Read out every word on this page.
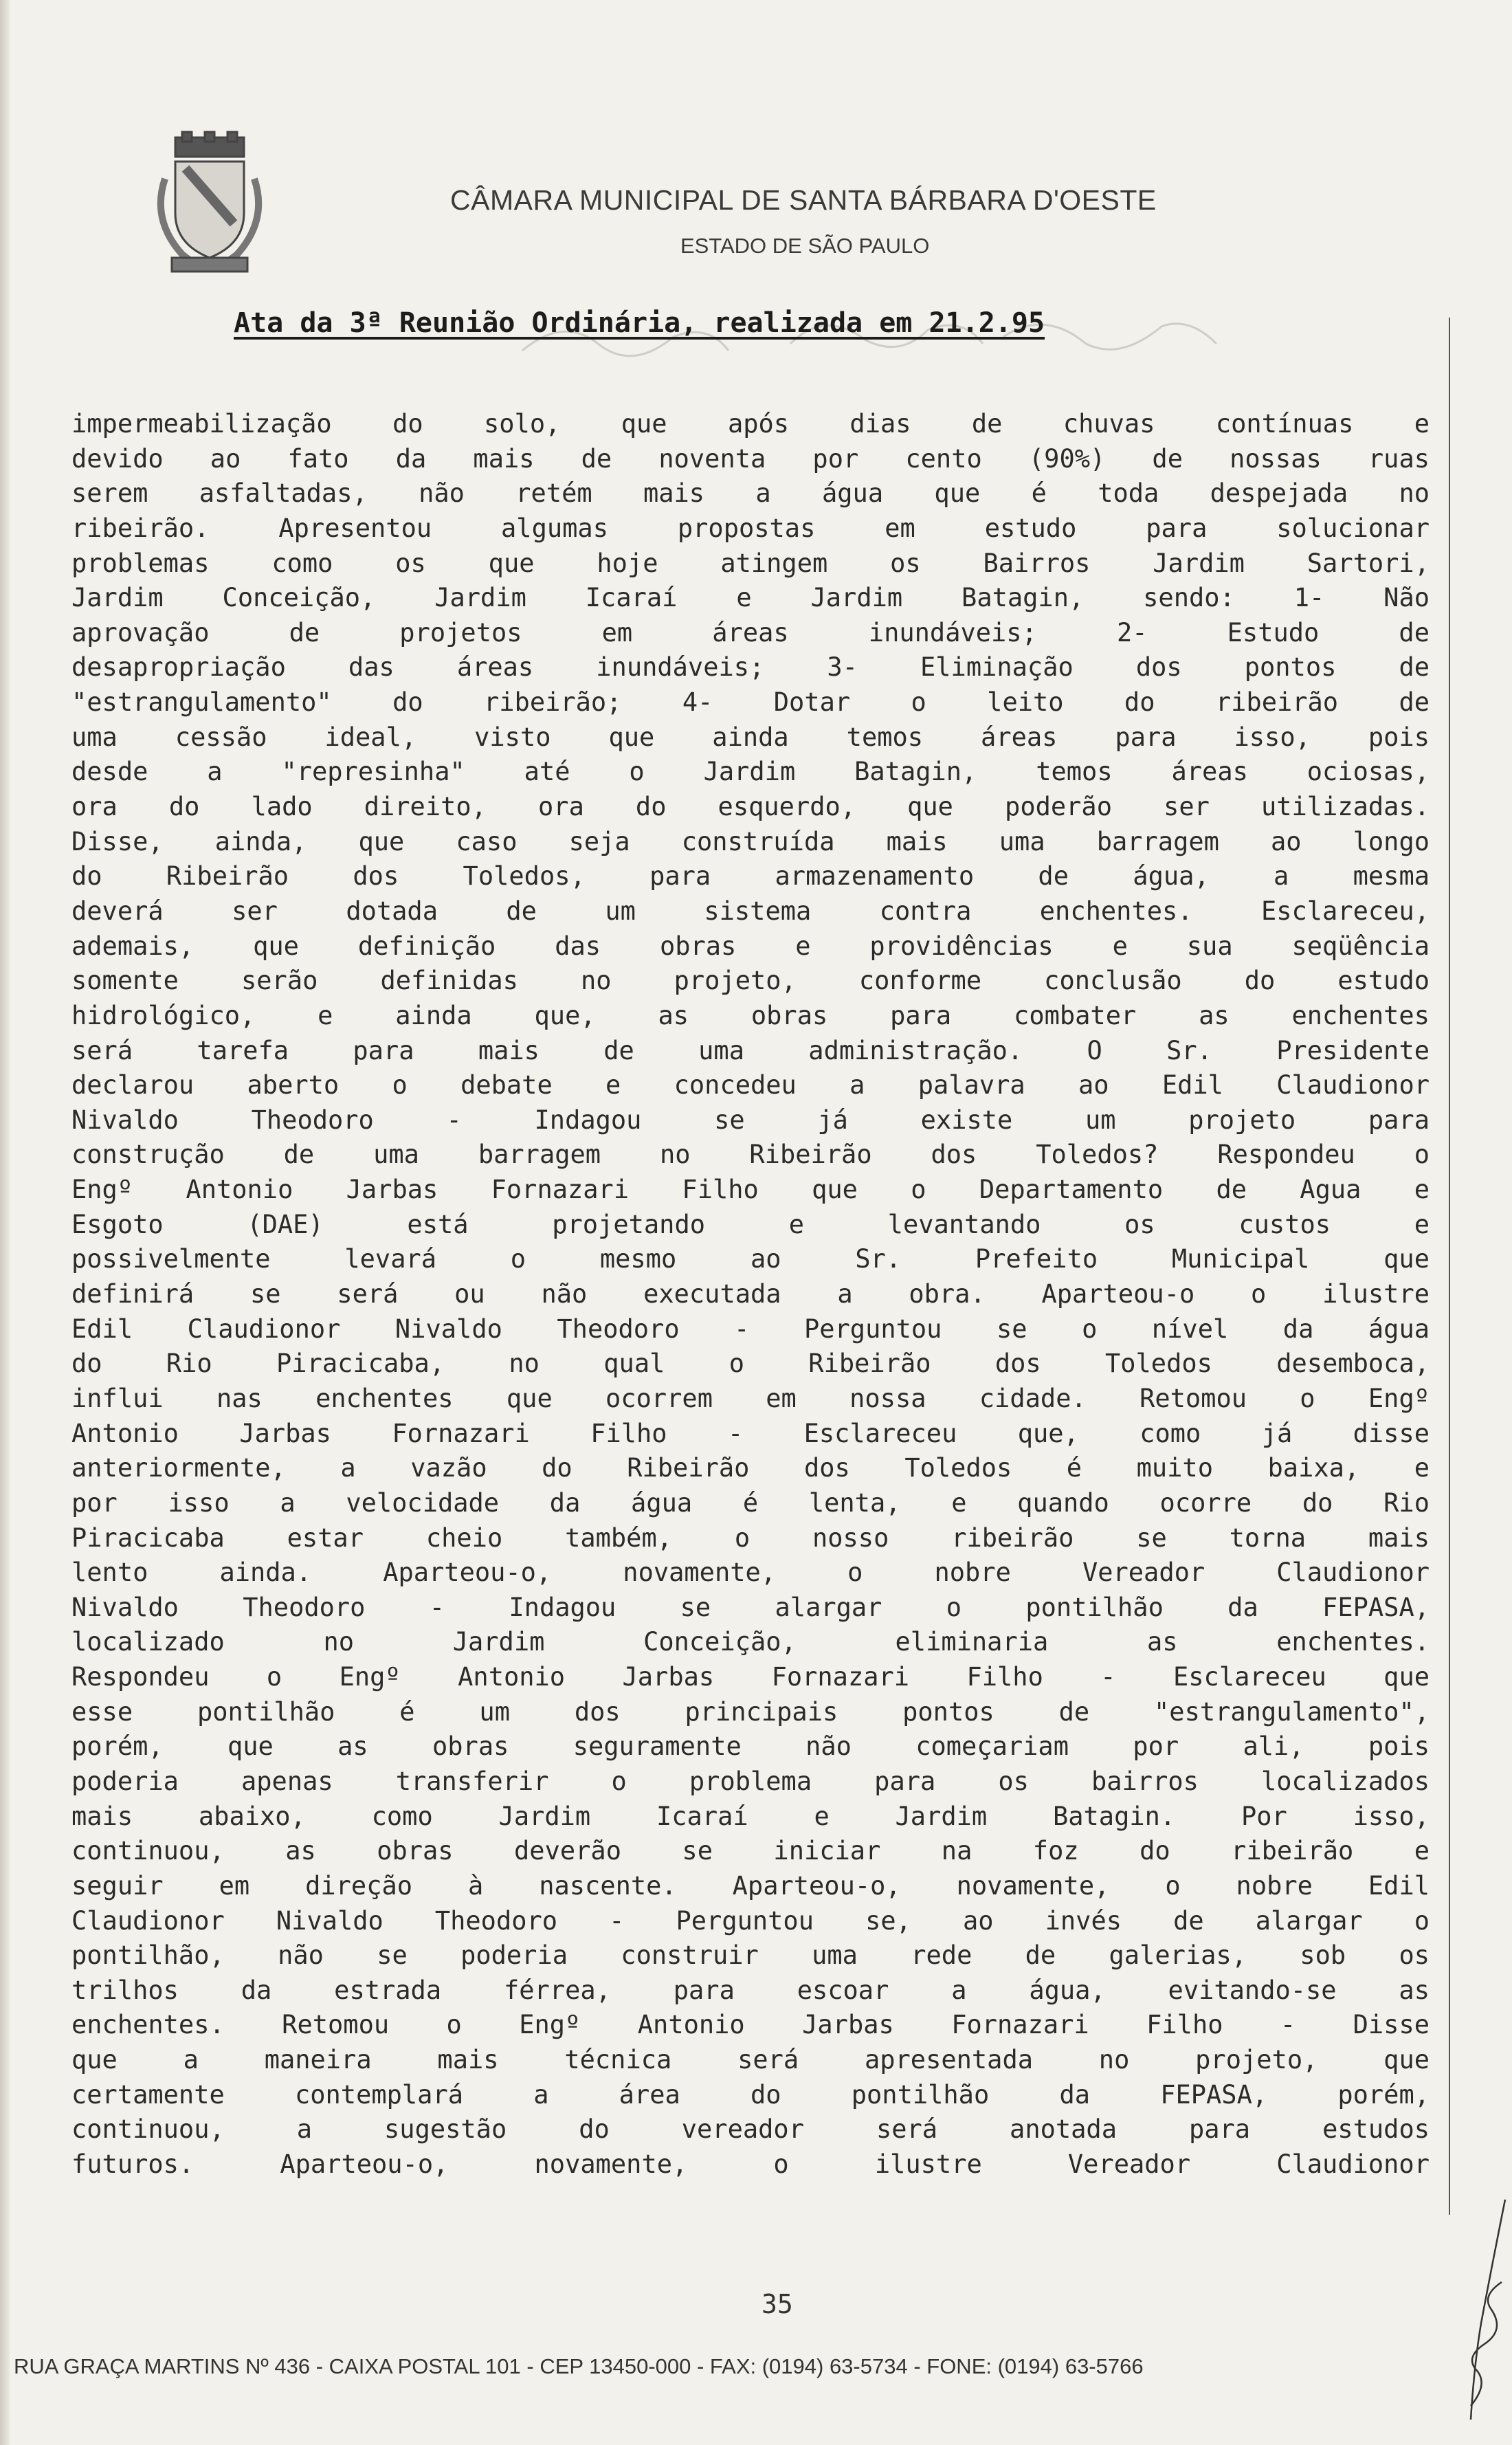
CÂMARA MUNICIPAL DE SANTA BÁRBARA D'OESTE
ESTADO DE SÃO PAULO
Ata da 3ª Reunião Ordinária, realizada em 21.2.95
impermeabilização do solo, que após dias de chuvas contínuas e
devido ao fato da mais de noventa por cento (90%) de nossas ruas
serem asfaltadas, não retém mais a água que é toda despejada no
ribeirão. Apresentou algumas propostas em estudo para solucionar
problemas como os que hoje atingem os Bairros Jardim Sartori,
Jardim Conceição, Jardim Icaraí e Jardim Batagin, sendo: 1- Não
aprovação de projetos em áreas inundáveis; 2- Estudo de
desapropriação das áreas inundáveis; 3- Eliminação dos pontos de
"estrangulamento" do ribeirão; 4- Dotar o leito do ribeirão de
uma cessão ideal, visto que ainda temos áreas para isso, pois
desde a "represinha" até o Jardim Batagin, temos áreas ociosas,
ora do lado direito, ora do esquerdo, que poderão ser utilizadas.
Disse, ainda, que caso seja construída mais uma barragem ao longo
do Ribeirão dos Toledos, para armazenamento de água, a mesma
deverá ser dotada de um sistema contra enchentes. Esclareceu,
ademais, que definição das obras e providências e sua seqüência
somente serão definidas no projeto, conforme conclusão do estudo
hidrológico, e ainda que, as obras para combater as enchentes
será tarefa para mais de uma administração. O Sr. Presidente
declarou aberto o debate e concedeu a palavra ao Edil Claudionor
Nivaldo Theodoro - Indagou se já existe um projeto para
construção de uma barragem no Ribeirão dos Toledos? Respondeu o
Engº Antonio Jarbas Fornazari Filho que o Departamento de Agua e
Esgoto (DAE) está projetando e levantando os custos e
possivelmente levará o mesmo ao Sr. Prefeito Municipal que
definirá se será ou não executada a obra. Aparteou-o o ilustre
Edil Claudionor Nivaldo Theodoro - Perguntou se o nível da água
do Rio Piracicaba, no qual o Ribeirão dos Toledos desemboca,
influi nas enchentes que ocorrem em nossa cidade. Retomou o Engº
Antonio Jarbas Fornazari Filho - Esclareceu que, como já disse
anteriormente, a vazão do Ribeirão dos Toledos é muito baixa, e
por isso a velocidade da água é lenta, e quando ocorre do Rio
Piracicaba estar cheio também, o nosso ribeirão se torna mais
lento ainda. Aparteou-o, novamente, o nobre Vereador Claudionor
Nivaldo Theodoro - Indagou se alargar o pontilhão da FEPASA,
localizado no Jardim Conceição, eliminaria as enchentes.
Respondeu o Engº Antonio Jarbas Fornazari Filho - Esclareceu que
esse pontilhão é um dos principais pontos de "estrangulamento",
porém, que as obras seguramente não começariam por ali, pois
poderia apenas transferir o problema para os bairros localizados
mais abaixo, como Jardim Icaraí e Jardim Batagin. Por isso,
continuou, as obras deverão se iniciar na foz do ribeirão e
seguir em direção à nascente. Aparteou-o, novamente, o nobre Edil
Claudionor Nivaldo Theodoro - Perguntou se, ao invés de alargar o
pontilhão, não se poderia construir uma rede de galerias, sob os
trilhos da estrada férrea, para escoar a água, evitando-se as
enchentes. Retomou o Engº Antonio Jarbas Fornazari Filho - Disse
que a maneira mais técnica será apresentada no projeto, que
certamente contemplará a área do pontilhão da FEPASA, porém,
continuou, a sugestão do vereador será anotada para estudos
futuros. Aparteou-o, novamente, o ilustre Vereador Claudionor
35
RUA GRAÇA MARTINS Nº 436 - CAIXA POSTAL 101 - CEP 13450-000 - FAX: (0194) 63-5734 - FONE: (0194) 63-5766
